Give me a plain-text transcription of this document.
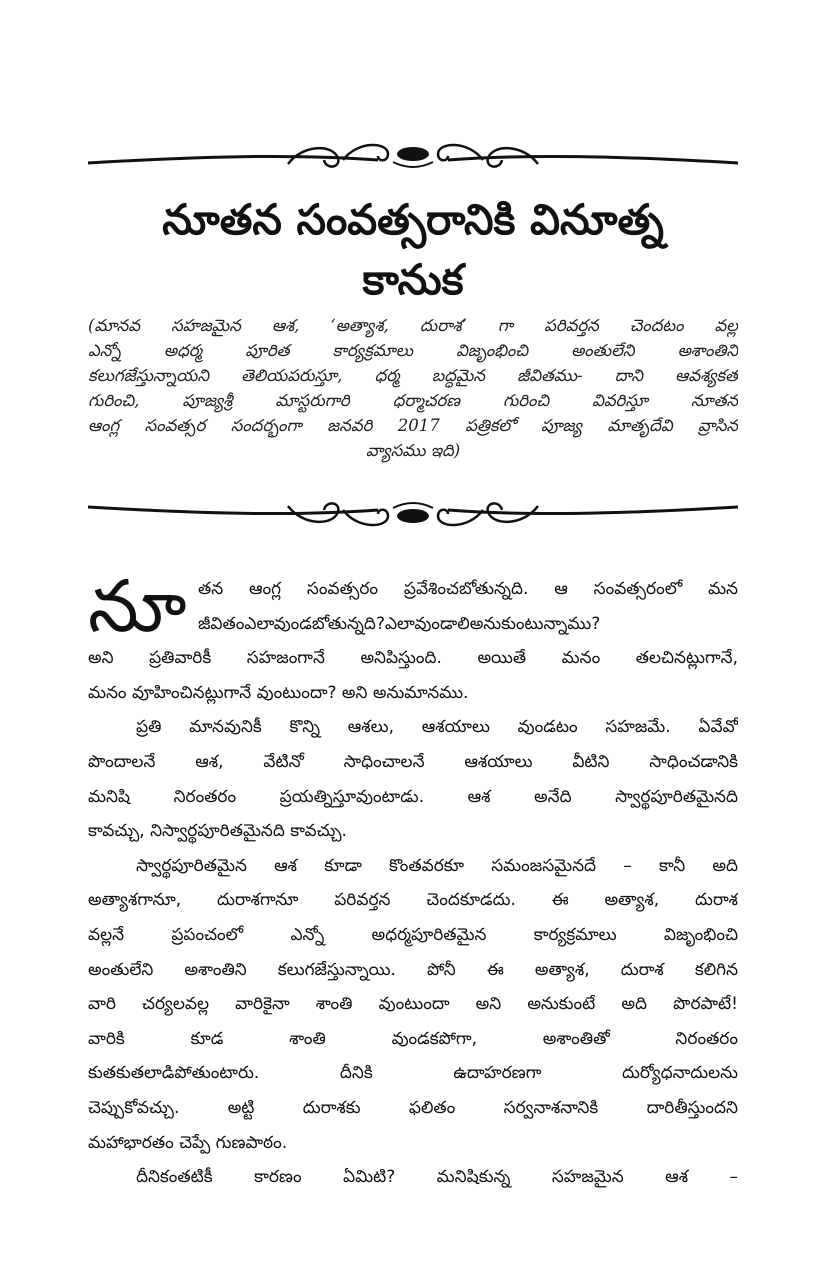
నూతన సంవత్సరానికి వినూత్న
కానుక
(మానవ సహజమైన ఆశ, ‘అత్యాశ, దురాశ’ గా పరివర్తన చెందటం వల్ల
ఎన్నో అధర్మ పూరిత కార్యక్రమాలు విజృంభించి అంతులేని అశాంతిని
కలుగజేస్తున్నాయని తెలియపరుస్తూ, ధర్మ బద్ధమైన జీవితము- దాని ఆవశ్యకత
గురించి, పూజ్యశ్రీ మాస్టరుగారి ధర్మాచరణ గురించి వివరిస్తూ నూతన
ఆంగ్ల సంవత్సర సందర్భంగా జనవరి 2017 పత్రికలో పూజ్య మాతృదేవి వ్రాసిన
వ్యాసము ఇది)
నూ తన ఆంగ్ల సంవత్సరం ప్రవేశించబోతున్నది. ఆ సంవత్సరంలో మన
జీవితంఎలావుండబోతున్నది?ఎలావుండాలిఅనుకుంటున్నాము?
అని ప్రతివారికీ సహజంగానే అనిపిస్తుంది. అయితే మనం తలచినట్లుగానే,
మనం వూహించినట్లుగానే వుంటుందా? అని అనుమానము.
ప్రతి మానవునికీ కొన్ని ఆశలు, ఆశయాలు వుండటం సహజమే. ఏవేవో
పొందాలనే ఆశ, వేటినో సాధించాలనే ఆశయాలు వీటిని సాధించడానికి
మనిషి నిరంతరం ప్రయత్నిస్తూవుంటాడు. ఆశ అనేది స్వార్థపూరితమైనది
కావచ్చు, నిస్వార్థపూరితమైనది కావచ్చు.
స్వార్థపూరితమైన ఆశ కూడా కొంతవరకూ సమంజసమైనదే – కానీ అది
అత్యాశగానూ, దురాశగానూ పరివర్తన చెందకూడదు. ఈ అత్యాశ, దురాశ
వల్లనే ప్రపంచంలో ఎన్నో అధర్మపూరితమైన కార్యక్రమాలు విజృంభించి
అంతులేని అశాంతిని కలుగజేస్తున్నాయి. పోనీ ఈ అత్యాశ, దురాశ కలిగిన
వారి చర్యలవల్ల వారికైనా శాంతి వుంటుందా అని అనుకుంటే అది పొరపాటే!
వారికి కూడ శాంతి వుండకపోగా, అశాంతితో నిరంతరం
కుతకుతలాడిపోతుంటారు. దీనికి ఉదాహరణగా దుర్యోధనాదులను
చెప్పుకోవచ్చు. అట్టి దురాశకు ఫలితం సర్వనాశనానికి దారితీస్తుందని
మహాభారతం చెప్పే గుణపాఠం.
దీనికంతటికీ కారణం ఏమిటి? మనిషికున్న సహజమైన ఆశ –
